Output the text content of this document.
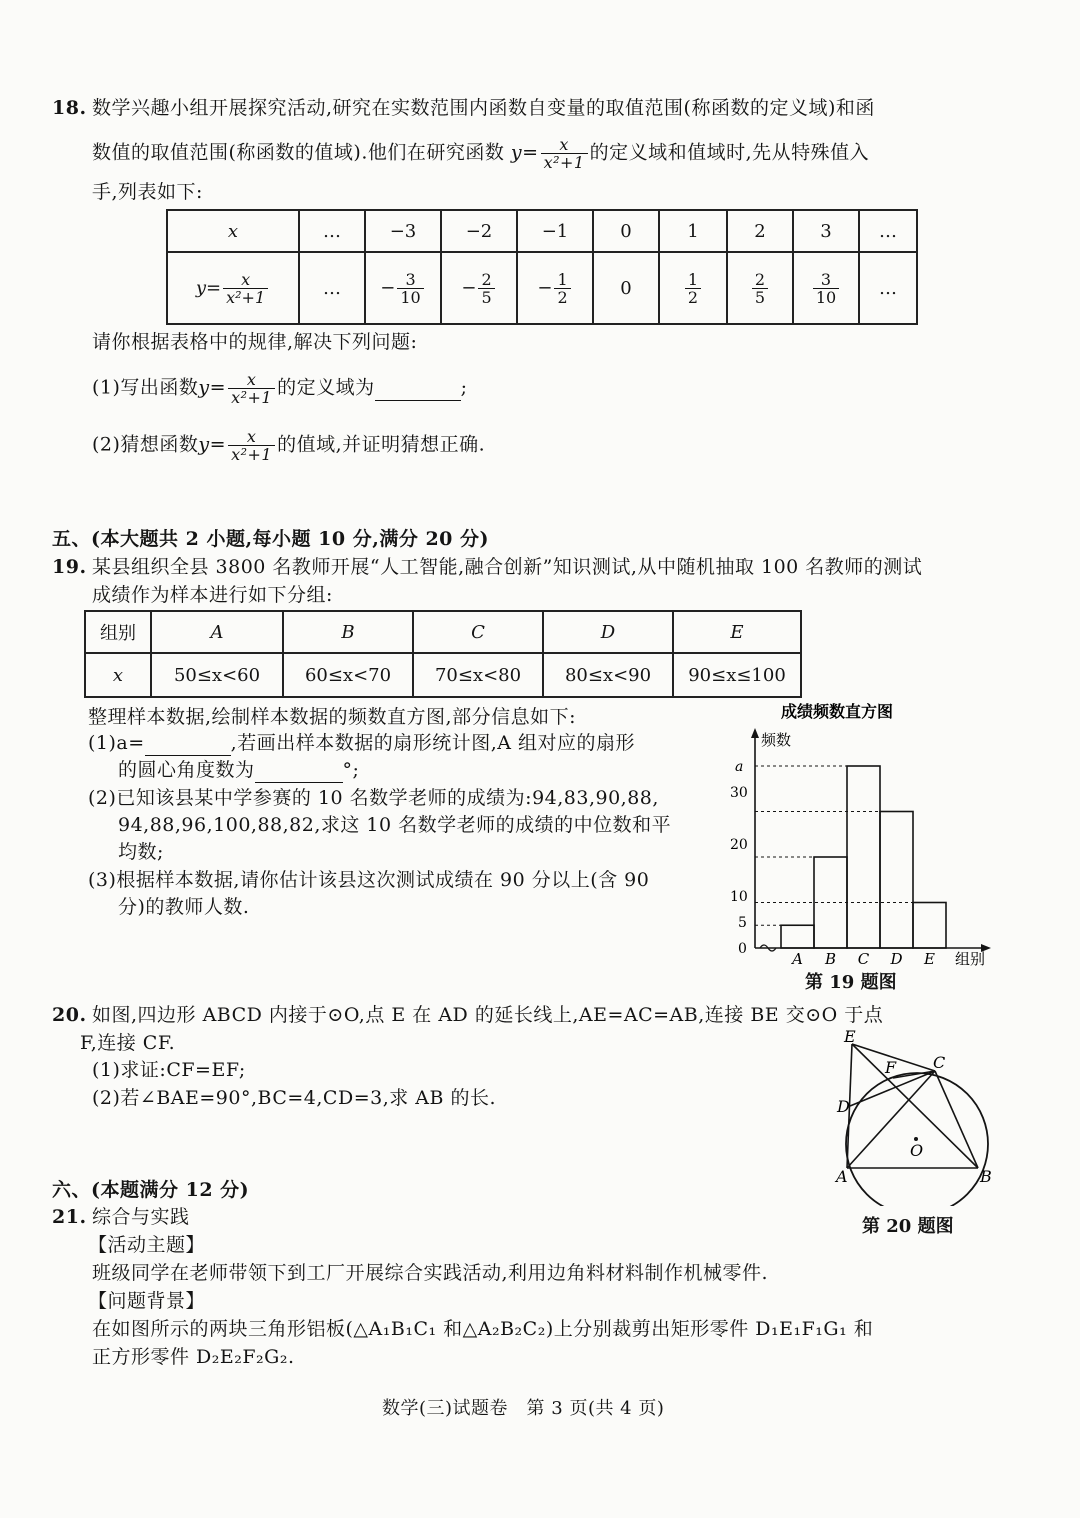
18. 数学兴趣小组开展探究活动,研究在实数范围内函数自变量的取值范围(称函数的定义域)和函
数值的取值范围(称函数的值域).他们在研究函数 $y= \frac{x}{\text{x²+1}}$ 的定义域和值域时,先从特殊值入
手,列表如下:
x	…	−3	−2	−1	0	1	2	3	…
$y= \frac{x}{\text{x²+1}}$	…	− $\frac{3}{10}$	− $\frac{2}{5}$	− $\frac{1}{2}$	0	$\frac{1}{2}$	$\frac{2}{5}$	$\frac{3}{10}$	…
请你根据表格中的规律,解决下列问题:
(1)写出函数$y= \frac{x}{\text{x²+1}}$ 的定义域为	;
(2)猜想函数$y= \frac{x}{\text{x²+1}}$ 的值域,并证明猜想正确.
五、(本大题共 2 小题,每小题 10 分,满分 20 分)
19. 某县组织全县 3800 名教师开展“人工智能,融合创新”知识测试,从中随机抽取 100 名教师的测试
成绩作为样本进行如下分组:
组别	A	B	C	D	E
x	50≤x<60	60≤x<70	70≤x<80	80≤x<90	90≤x≤100
整理样本数据,绘制样本数据的频数直方图,部分信息如下:
(1)a=	,若画出样本数据的扇形统计图,A 组对应的扇形
的圆心角度数为	°;
(2)已知该县某中学参赛的 10 名数学老师的成绩为:94,83,90,88,
94,88,96,100,88,82,求这 10 名数学老师的成绩的中位数和平
均数;
(3)根据样本数据,请你估计该县这次测试成绩在 90 分以上(含 90
分)的教师人数.
成绩频数直方图
频数
组别
0
5
10
20
30
a
A B C D E
第 19 题图
20. 如图,四边形 ABCD 内接于⊙O,点 E 在 AD 的延长线上,AE=AC=AB,连接 BE 交⊙O 于点
F,连接 CF.
(1)求证:CF=EF;
(2)若∠BAE=90°,BC=4,CD=3,求 AB 的长.
E
F C
D
O
A	B
第 20 题图
六、(本题满分 12 分)
21. 综合与实践
【活动主题】
班级同学在老师带领下到工厂开展综合实践活动,利用边角料材料制作机械零件.
【问题背景】
在如图所示的两块三角形铝板(△A₁B₁C₁ 和△A₂B₂C₂)上分别裁剪出矩形零件 D₁E₁F₁G₁ 和
正方形零件 D₂E₂F₂G₂.
数学(三)试题卷　第 3 页(共 4 页)
